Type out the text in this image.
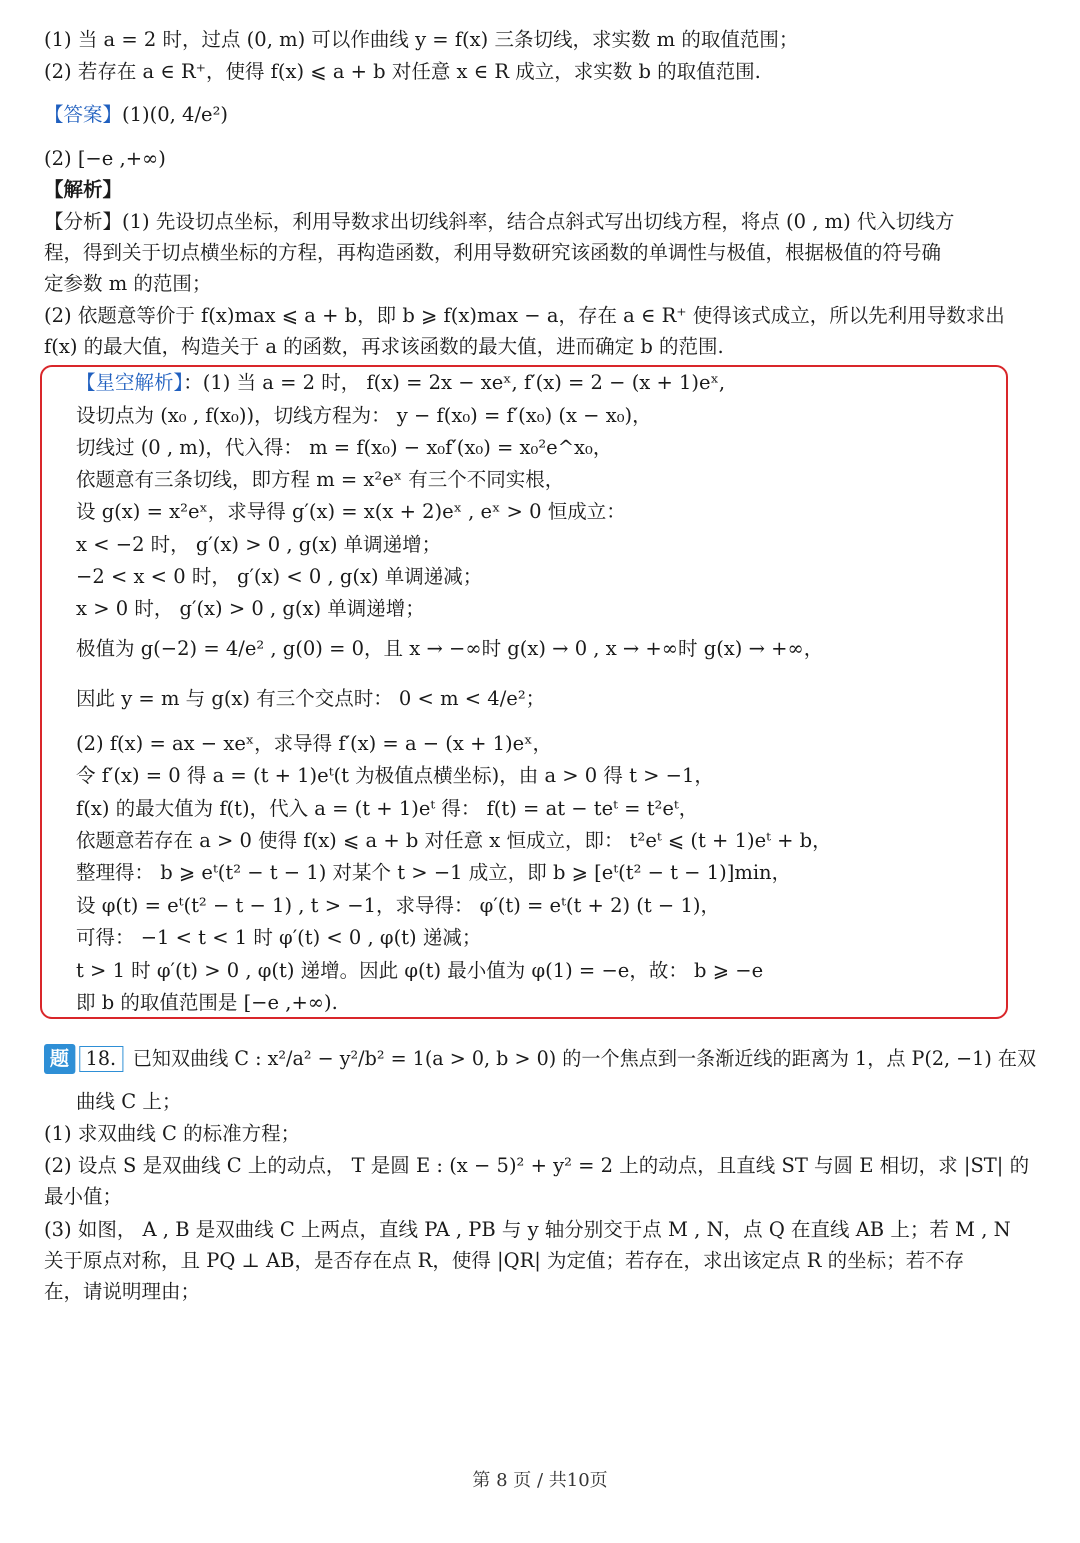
(1) 当 a = 2 时，过点 (0, m) 可以作曲线 y = f(x) 三条切线，求实数 m 的取值范围；
(2) 若存在 a ∈ R⁺，使得 f(x) ⩽ a + b 对任意 x ∈ R 成立，求实数 b 的取值范围.
【答案】(1)(0, 4/e²)
(2) [−e ,+∞)
【解析】
【分析】(1) 先设切点坐标，利用导数求出切线斜率，结合点斜式写出切线方程，将点 (0 , m) 代入切线方
程，得到关于切点横坐标的方程，再构造函数，利用导数研究该函数的单调性与极值，根据极值的符号确
定参数 m 的范围；
(2) 依题意等价于 f(x)max ⩽ a + b，即 b ⩾ f(x)max − a，存在 a ∈ R⁺ 使得该式成立，所以先利用导数求出
f(x) 的最大值，构造关于 a 的函数，再求该函数的最大值，进而确定 b 的范围.
【星空解析】：(1) 当 a = 2 时， f(x) = 2x − xeˣ, f′(x) = 2 − (x + 1)eˣ,
设切点为 (x₀ , f(x₀))，切线方程为： y − f(x₀) = f′(x₀) (x − x₀)，
切线过 (0 , m)，代入得： m = f(x₀) − x₀f′(x₀) = x₀²e^x₀，
依题意有三条切线，即方程 m = x²eˣ 有三个不同实根，
设 g(x) = x²eˣ，求导得 g′(x) = x(x + 2)eˣ , eˣ > 0 恒成立：
x < −2 时， g′(x) > 0 , g(x) 单调递增；
−2 < x < 0 时， g′(x) < 0 , g(x) 单调递减；
x > 0 时， g′(x) > 0 , g(x) 单调递增；
极值为 g(−2) = 4/e² , g(0) = 0，且 x → −∞时 g(x) → 0 , x → +∞时 g(x) → +∞，
因此 y = m 与 g(x) 有三个交点时： 0 < m < 4/e²；
(2) f(x) = ax − xeˣ，求导得 f′(x) = a − (x + 1)eˣ，
令 f′(x) = 0 得 a = (t + 1)eᵗ(t 为极值点横坐标)，由 a > 0 得 t > −1，
f(x) 的最大值为 f(t)，代入 a = (t + 1)eᵗ 得： f(t) = at − teᵗ = t²eᵗ，
依题意若存在 a > 0 使得 f(x) ⩽ a + b 对任意 x 恒成立，即： t²eᵗ ⩽ (t + 1)eᵗ + b，
整理得： b ⩾ eᵗ(t² − t − 1) 对某个 t > −1 成立，即 b ⩾ [eᵗ(t² − t − 1)]min，
设 φ(t) = eᵗ(t² − t − 1) , t > −1，求导得： φ′(t) = eᵗ(t + 2) (t − 1)，
可得： −1 < t < 1 时 φ′(t) < 0 , φ(t) 递减；
t > 1 时 φ′(t) > 0 , φ(t) 递增。因此 φ(t) 最小值为 φ(1) = −e，故： b ⩾ −e
即 b 的取值范围是 [−e ,+∞).
题 18. 已知双曲线 C : x²/a² − y²/b² = 1(a > 0, b > 0) 的一个焦点到一条渐近线的距离为 1，点 P(2, −1) 在双
曲线 C 上；
(1) 求双曲线 C 的标准方程；
(2) 设点 S 是双曲线 C 上的动点， T 是圆 E : (x − 5)² + y² = 2 上的动点，且直线 ST 与圆 E 相切，求 |ST| 的
最小值；
(3) 如图， A , B 是双曲线 C 上两点，直线 PA , PB 与 y 轴分别交于点 M , N，点 Q 在直线 AB 上；若 M , N
关于原点对称，且 PQ ⊥ AB，是否存在点 R，使得 |QR| 为定值；若存在，求出该定点 R 的坐标；若不存
在，请说明理由；
第 8 页 / 共10页
